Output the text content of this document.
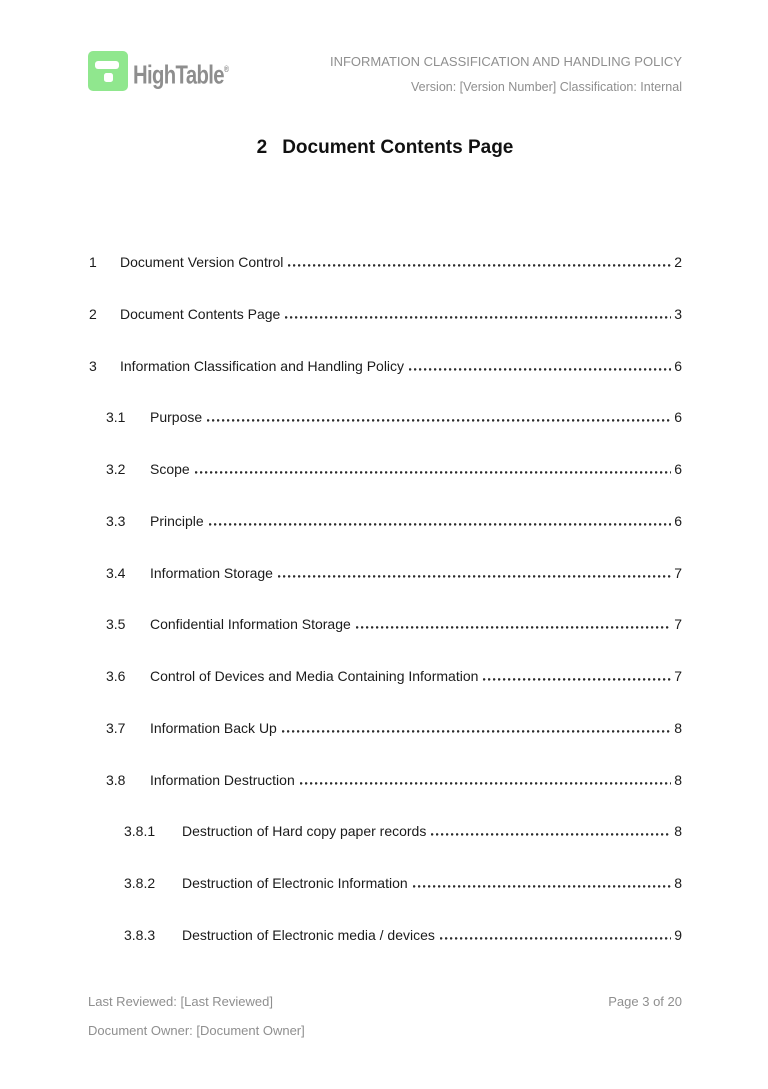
HighTable®	INFORMATION CLASSIFICATION AND HANDLING POLICY
Version: [Version Number] Classification: Internal
2 Document Contents Page
1	Document Version Control	2
2	Document Contents Page	3
3	Information Classification and Handling Policy	6
3.1	Purpose	6
3.2	Scope	6
3.3	Principle	6
3.4	Information Storage	7
3.5	Confidential Information Storage	7
3.6	Control of Devices and Media Containing Information	7
3.7	Information Back Up	8
3.8	Information Destruction	8
3.8.1	Destruction of Hard copy paper records	8
3.8.2	Destruction of Electronic Information	8
3.8.3	Destruction of Electronic media / devices	9
Last Reviewed: [Last Reviewed]	Page 3 of 20
Document Owner: [Document Owner]
